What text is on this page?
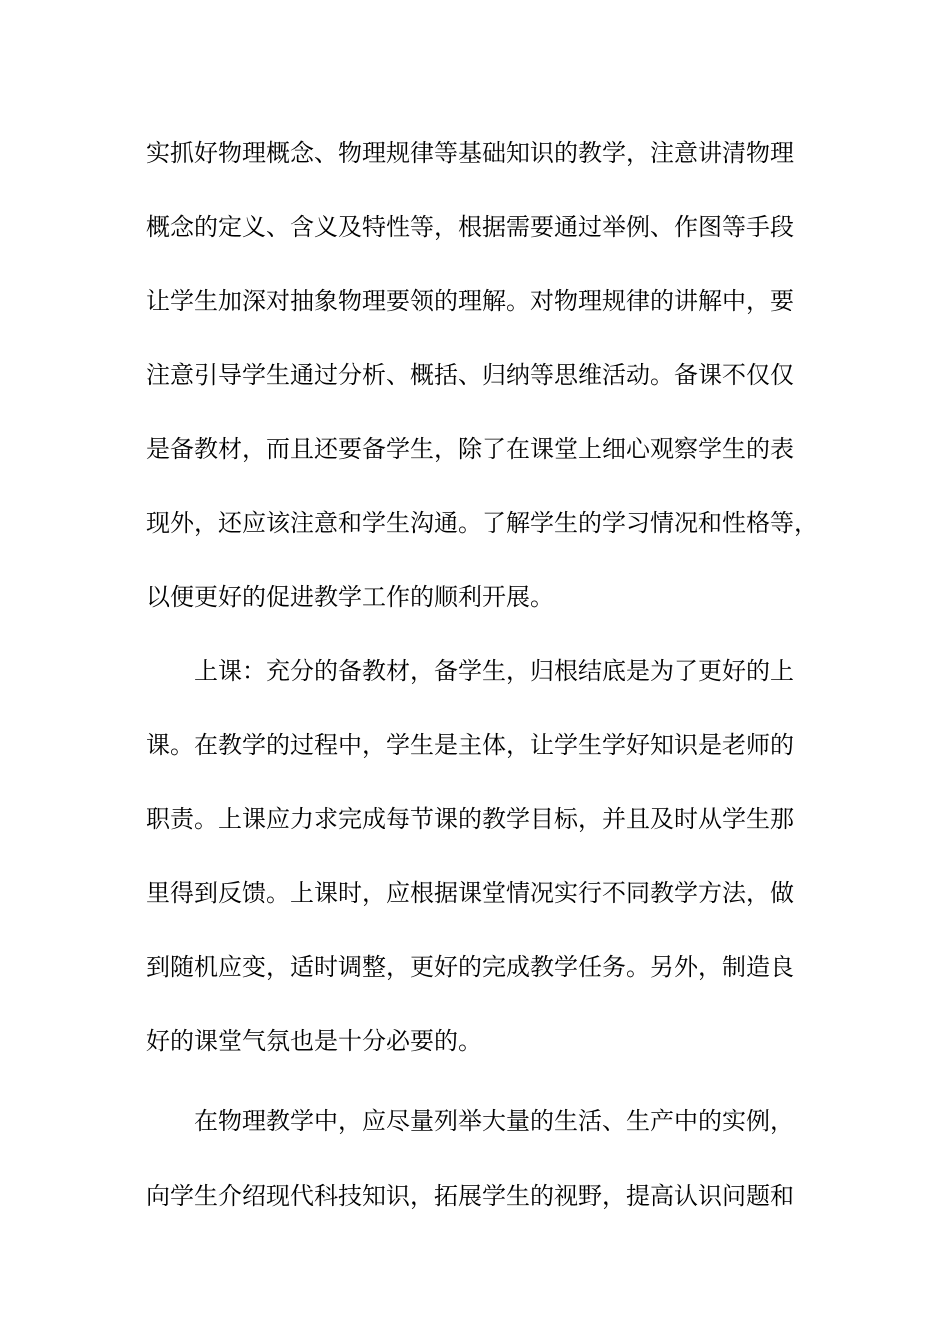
实抓好物理概念、物理规律等基础知识的教学，注意讲清物理

概念的定义、含义及特性等，根据需要通过举例、作图等手段

让学生加深对抽象物理要领的理解。对物理规律的讲解中，要

注意引导学生通过分析、概括、归纳等思维活动。备课不仅仅

是备教材，而且还要备学生，除了在课堂上细心观察学生的表

现外，还应该注意和学生沟通。了解学生的学习情况和性格等，

以便更好的促进教学工作的顺利开展。

上课：充分的备教材，备学生，归根结底是为了更好的上

课。在教学的过程中，学生是主体，让学生学好知识是老师的

职责。上课应力求完成每节课的教学目标，并且及时从学生那

里得到反馈。上课时，应根据课堂情况实行不同教学方法，做

到随机应变，适时调整，更好的完成教学任务。另外，制造良

好的课堂气氛也是十分必要的。

在物理教学中，应尽量列举大量的生活、生产中的实例，

向学生介绍现代科技知识，拓展学生的视野，提高认识问题和
